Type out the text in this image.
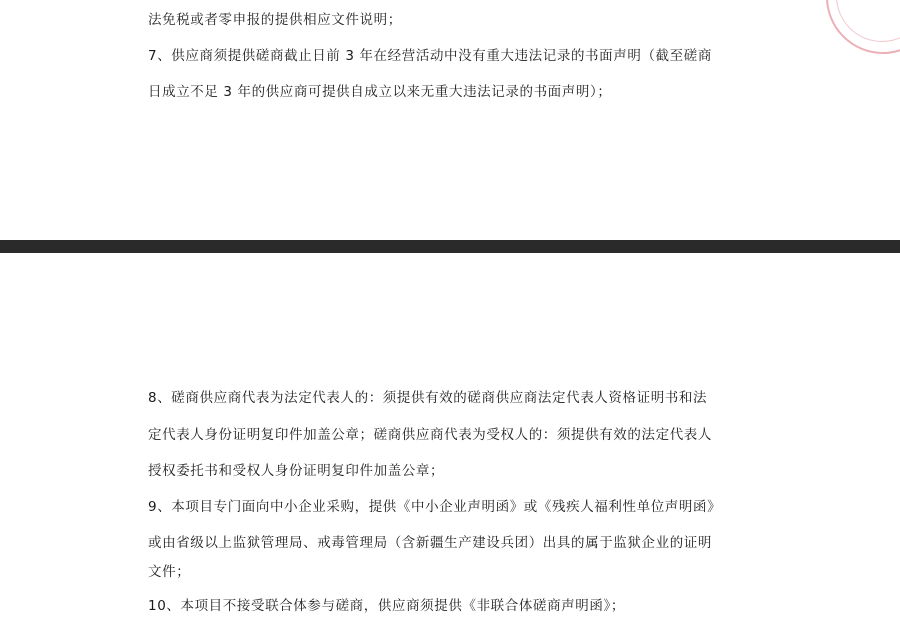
法免税或者零申报的提供相应文件说明；
7、供应商须提供磋商截止日前 3 年在经营活动中没有重大违法记录的书面声明（截至磋商
日成立不足 3 年的供应商可提供自成立以来无重大违法记录的书面声明）；
8、磋商供应商代表为法定代表人的：须提供有效的磋商供应商法定代表人资格证明书和法
定代表人身份证明复印件加盖公章；磋商供应商代表为受权人的：须提供有效的法定代表人
授权委托书和受权人身份证明复印件加盖公章；
9、本项目专门面向中小企业采购，提供《中小企业声明函》或《残疾人福利性单位声明函》
或由省级以上监狱管理局、戒毒管理局（含新疆生产建设兵团）出具的属于监狱企业的证明
文件；
10、本项目不接受联合体参与磋商，供应商须提供《非联合体磋商声明函》；
